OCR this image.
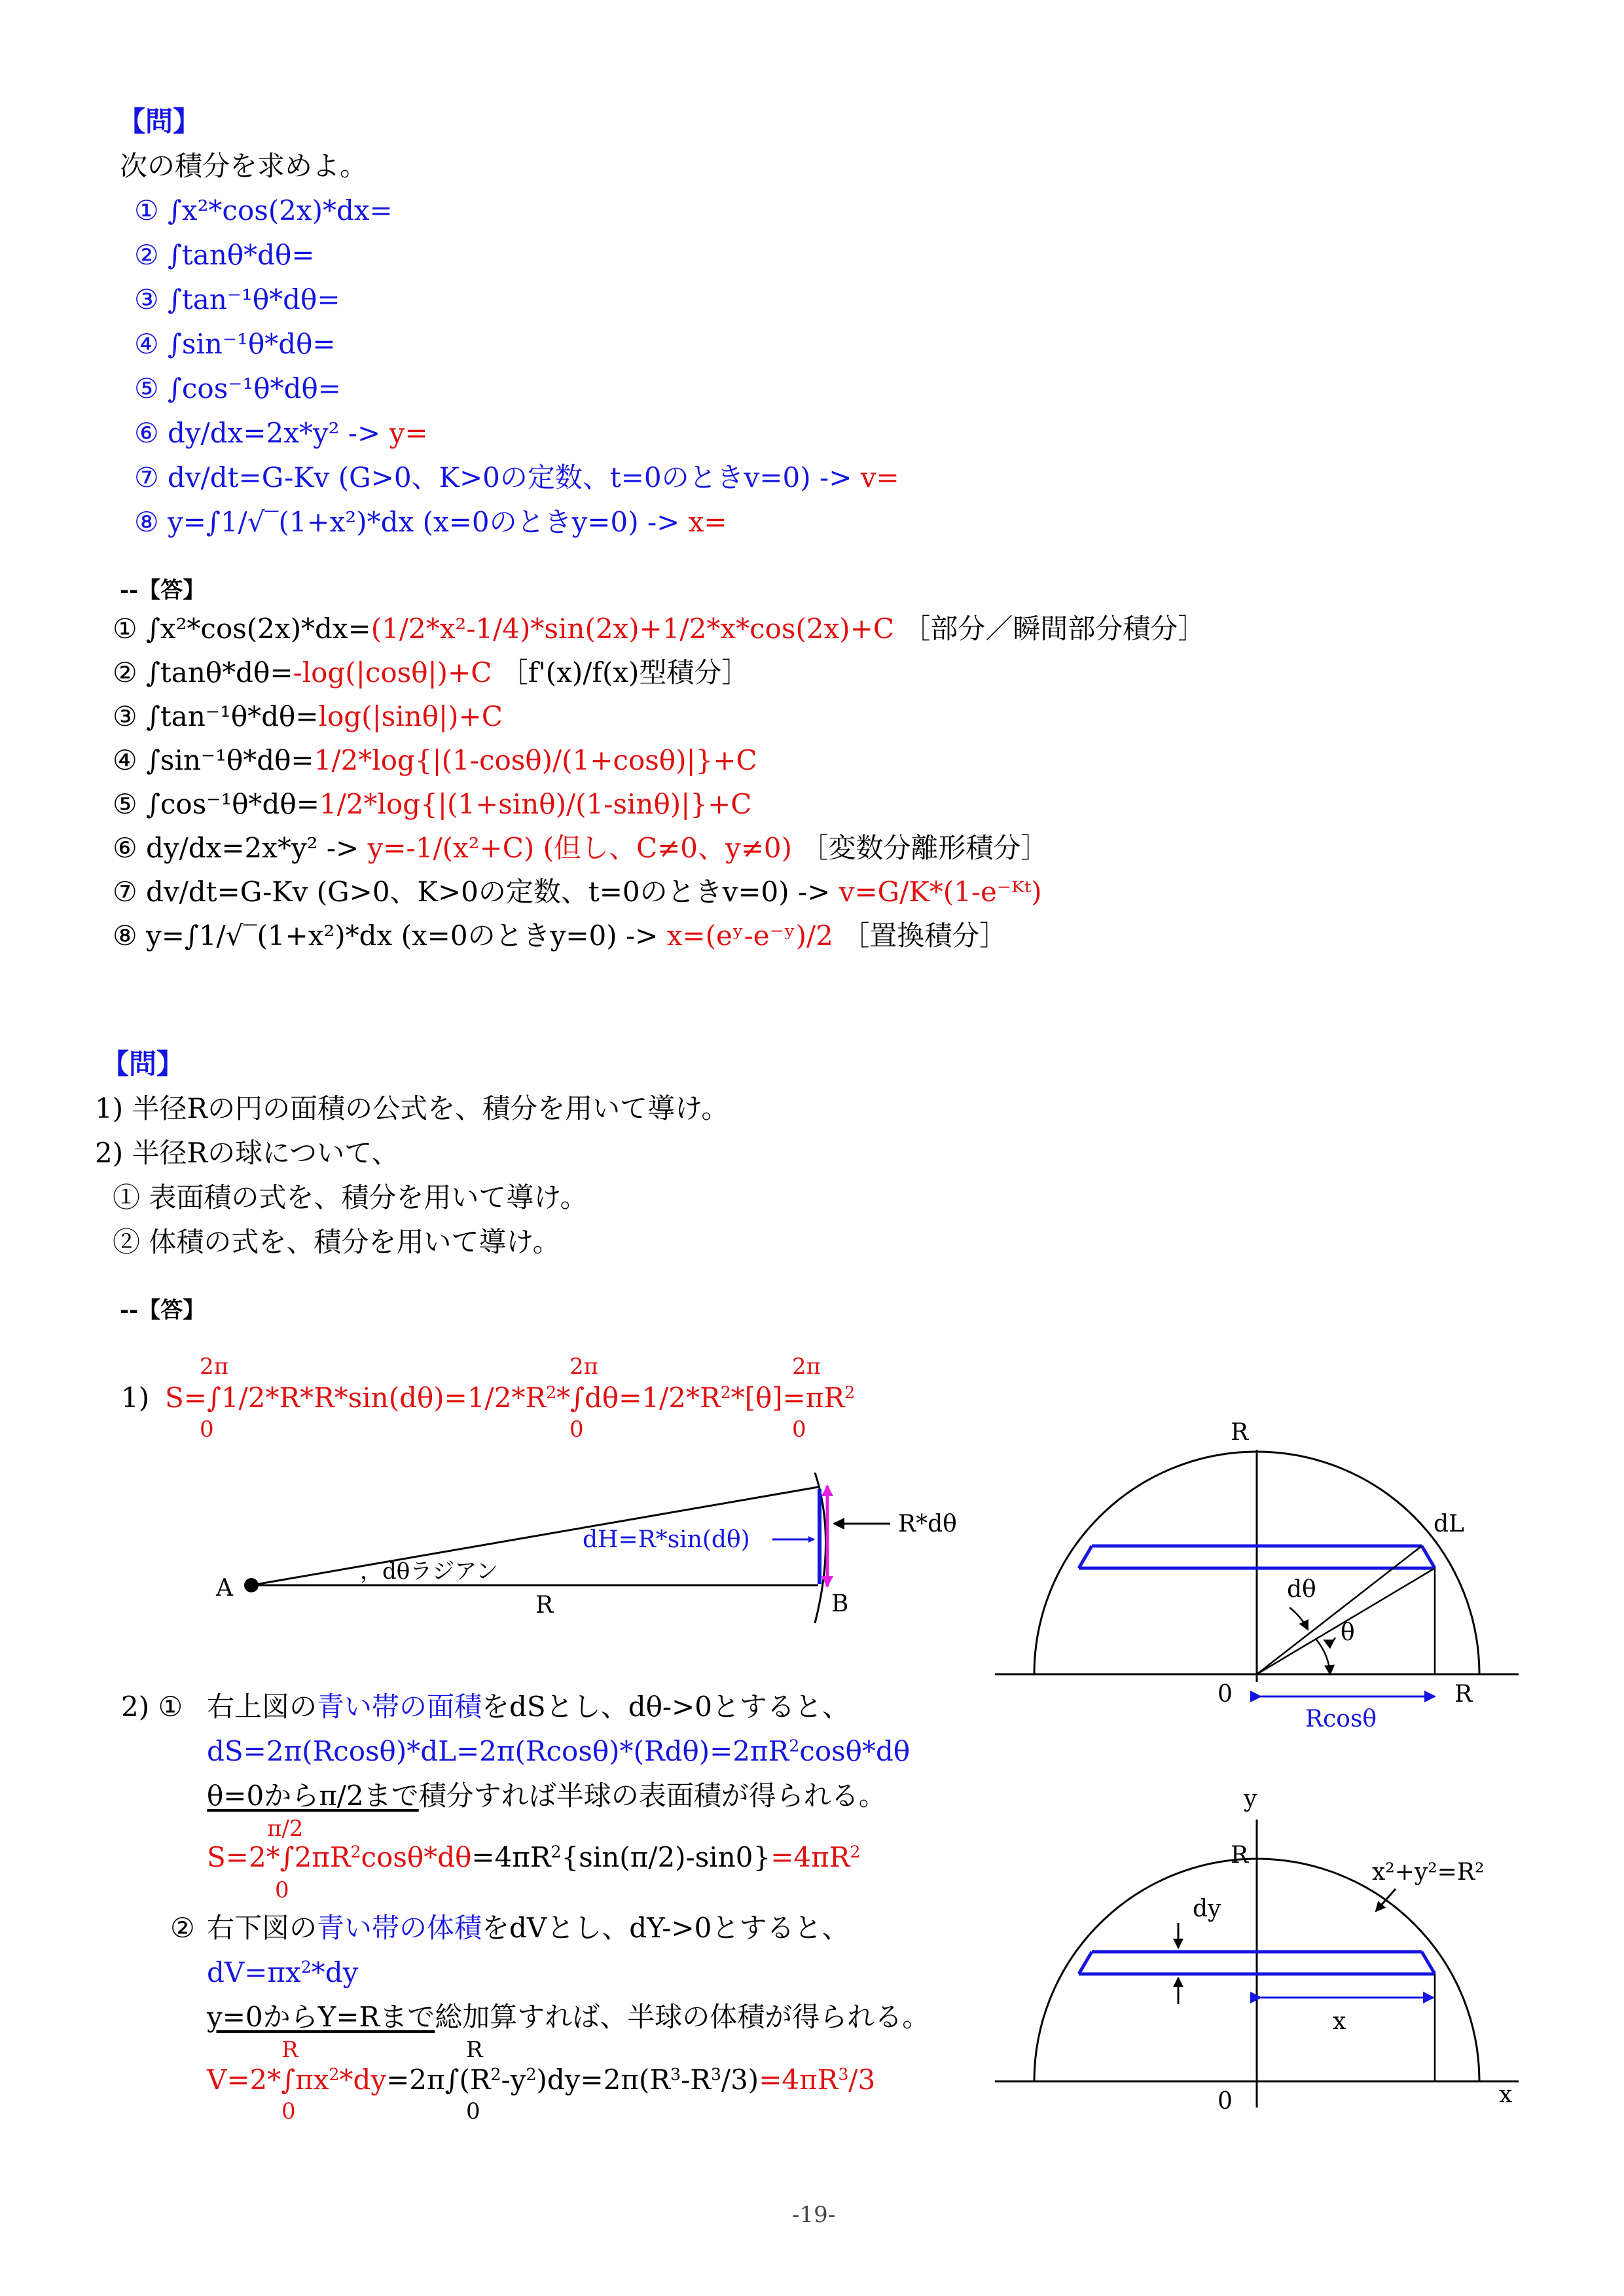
【問】
次の積分を求めよ。
① ∫x²*cos(2x)*dx=
② ∫tanθ*dθ=
③ ∫tan⁻¹θ*dθ=
④ ∫sin⁻¹θ*dθ=
⑤ ∫cos⁻¹θ*dθ=
⑥ dy/dx=2x*y² -> y=
⑦ dv/dt=G-Kv (G>0、K>0の定数、t=0のときv=0) -> v=
⑧ y=∫1/√‾(1+x²)*dx (x=0のときy=0) -> x=
--【答】
① ∫x²*cos(2x)*dx=(1/2*x²-1/4)*sin(2x)+1/2*x*cos(2x)+C ［部分／瞬間部分積分］
② ∫tanθ*dθ=-log(|cosθ|)+C ［f'(x)/f(x)型積分］
③ ∫tan⁻¹θ*dθ=log(|sinθ|)+C
④ ∫sin⁻¹θ*dθ=1/2*log{|(1-cosθ)/(1+cosθ)|}+C
⑤ ∫cos⁻¹θ*dθ=1/2*log{|(1+sinθ)/(1-sinθ)|}+C
⑥ dy/dx=2x*y² -> y=-1/(x²+C) (但し、C≠0、y≠0) ［変数分離形積分］
⑦ dv/dt=G-Kv (G>0、K>0の定数、t=0のときv=0) -> v=G/K*(1-e⁻ᴷᵗ)
⑧ y=∫1/√‾(1+x²)*dx (x=0のときy=0) -> x=(eʸ-e⁻ʸ)/2 ［置換積分］
【問】
1) 半径Rの円の面積の公式を、積分を用いて導け。
2) 半径Rの球について、
① 表面積の式を、積分を用いて導け。
② 体積の式を、積分を用いて導け。
--【答】
2π	2π	2π
1) $S=\int 1/2*R*R*\sin(d\theta)=1/2*R^2*\int d\theta=1/2*R^2*[\theta]=\pi R^2$
0	0	0
A
B
R
，dθラジアン
dH=R*sin(dθ)
R*dθ
R
dL
dθ
θ
0	R
Rcosθ
y
R
x²+y²=R²
dy
x
0	x
2) ① 右上図の青い帯の面積をdSとし、dθ->0とすると、
$dS=2\pi(Rcos\theta)*dL=2\pi(Rcos\theta)*(Rd\theta)=2\pi R^2\cos\theta*d\theta$
θ=0からπ/2まで積分すれば半球の表面積が得られる。
π/2
$S=2*\int 2\pi R^2\cos\theta*d\theta=4\pi R^2\{\sin(\pi/2)-\sin 0\}=4\pi R^2$
0
② 右下図の青い帯の体積をdVとし、dY->0とすると、
$dV=\pi x^2*dy$
y=0からY=Rまで総加算すれば、半球の体積が得られる。
R	R
$V=2*\int\pi x^2*dy=2\pi\int(R^2-y^2)dy=2\pi(R^3-R^3/3)=4\pi R^3/3$
0	0
-19-
